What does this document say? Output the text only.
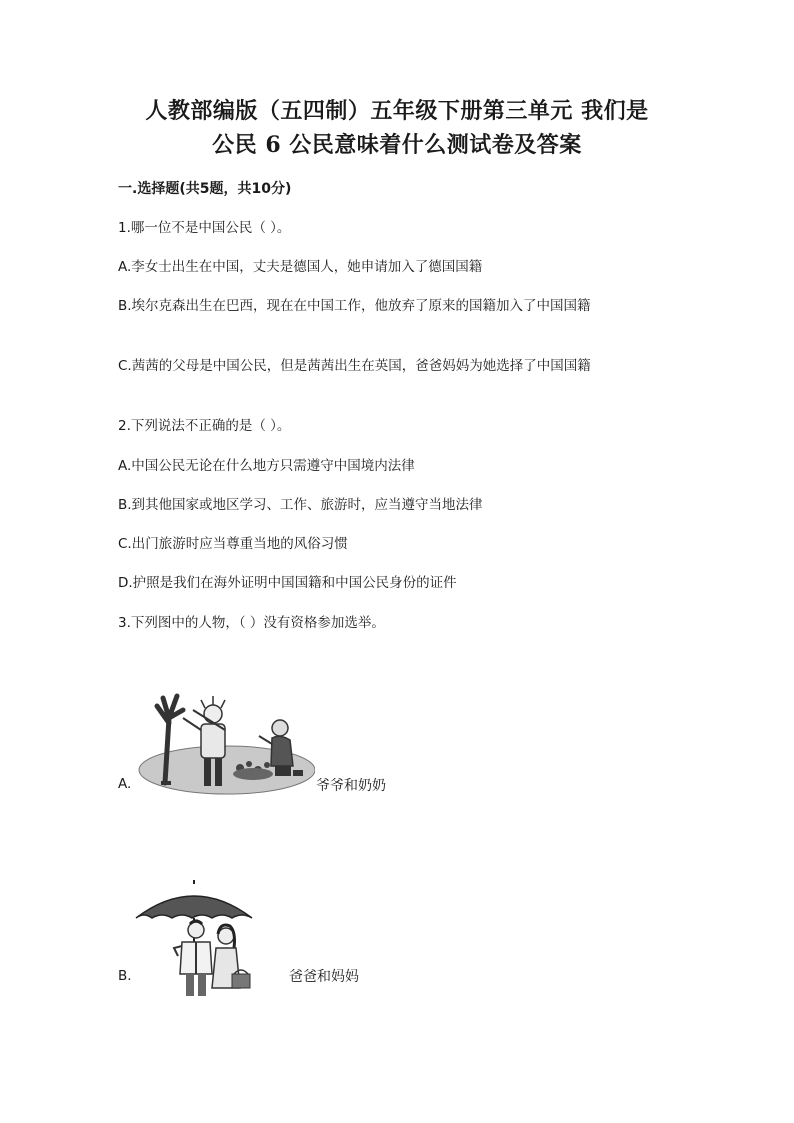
人教部编版（五四制）五年级下册第三单元 我们是
公民 6 公民意味着什么测试卷及答案
一.选择题(共5题，共10分)
1.哪一位不是中国公民（ ）。
A.李女士出生在中国，丈夫是德国人，她申请加入了德国国籍
B.埃尔克森出生在巴西，现在在中国工作，他放弃了原来的国籍加入了中国国籍
C.茜茜的父母是中国公民，但是茜茜出生在英国，爸爸妈妈为她选择了中国国籍
2.下列说法不正确的是（ ）。
A.中国公民无论在什么地方只需遵守中国境内法律
B.到其他国家或地区学习、工作、旅游时，应当遵守当地法律
C.出门旅游时应当尊重当地的风俗习惯
D.护照是我们在海外证明中国国籍和中国公民身份的证件
3.下列图中的人物，（ ）没有资格参加选举。
A.	爷爷和奶奶
B.	爸爸和妈妈
